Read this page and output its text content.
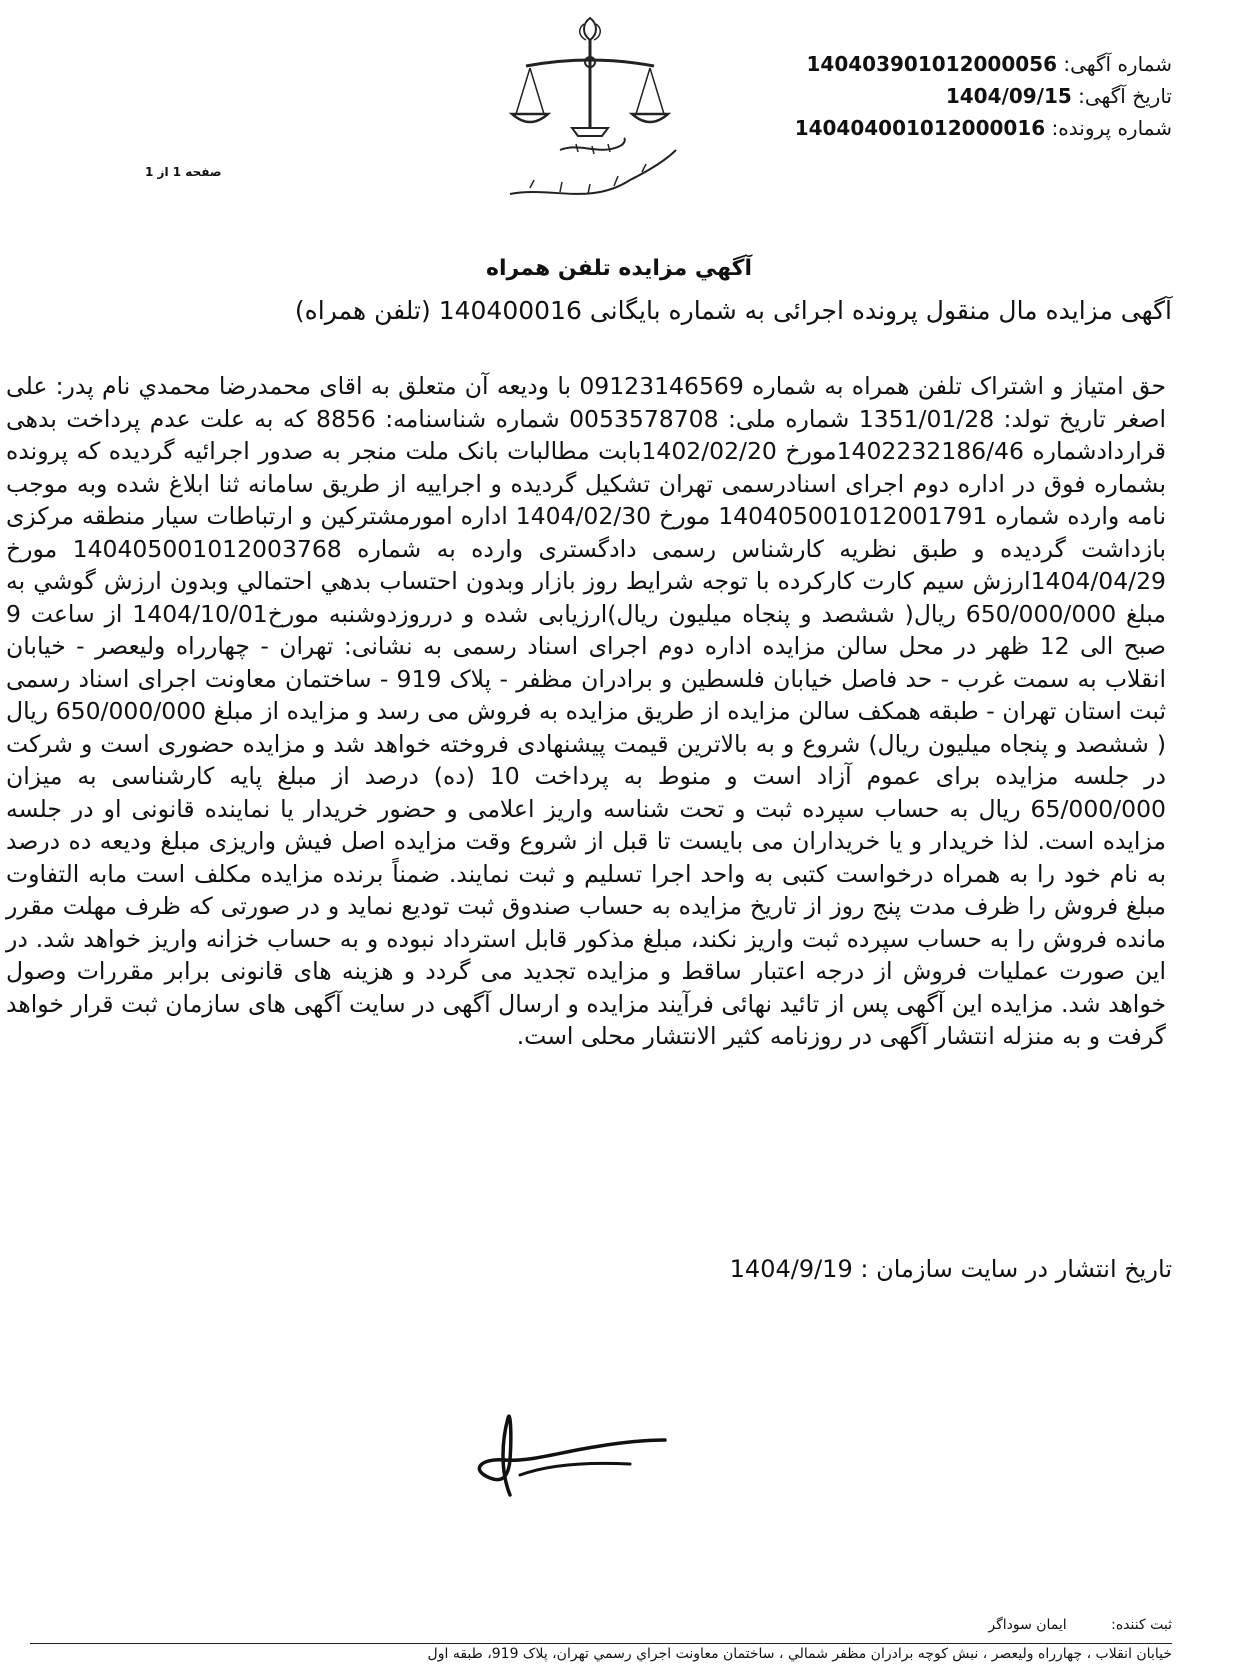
شماره آگهی: 140403901012000056
تاریخ آگهی: 1404/09/15
شماره پرونده: 140404001012000016
صفحه 1 از 1
آگهي مزايده تلفن همراه
آگهی مزایده مال منقول پرونده اجرائی به شماره بایگانی 140400016 (تلفن همراه)
حق امتیاز و اشتراک تلفن همراه به شماره 09123146569 با ودیعه آن متعلق به اقای محمدرضا محمدي نام پدر: علی اصغر تاریخ تولد: 1351/01/28 شماره ملی: 0053578708 شماره شناسنامه: 8856 که به علت عدم پرداخت بدهی قراردادشماره 1402232186/46مورخ 1402/02/20بابت مطالبات بانک ملت منجر به صدور اجرائیه گردیده که پرونده بشماره فوق در اداره دوم اجرای اسنادرسمی تهران تشکیل گردیده و اجراییه از طریق سامانه ثنا ابلاغ شده وبه موجب نامه وارده شماره 140405001012001791 مورخ 1404/02/30 اداره امورمشترکین و ارتباطات سیار منطقه مرکزی بازداشت گردیده و طبق نظریه کارشناس رسمی دادگستری وارده به شماره 140405001012003768 مورخ 1404/04/29ارزش سیم کارت کارکرده با توجه شرایط روز بازار وبدون احتساب بدهي احتمالي وبدون ارزش گوشي به مبلغ 650/000/000 ريال( ششصد و پنجاه ميليون ريال)ارزیابی شده و درروزدوشنبه مورخ1404/10/01 از ساعت 9 صبح الی 12 ظهر در محل سالن مزایده اداره دوم اجرای اسناد رسمی به نشانی: تهران - چهارراه ولیعصر - خیابان انقلاب به سمت غرب - حد فاصل خیابان فلسطین و برادران مظفر - پلاک 919 - ساختمان معاونت اجرای اسناد رسمی ثبت استان تهران - طبقه همکف سالن مزایده از طریق مزایده به فروش می رسد و مزایده از مبلغ 650/000/000 ریال ( ششصد و پنجاه میلیون ریال) شروع و به بالاترین قیمت پیشنهادی فروخته خواهد شد و مزایده حضوری است و شرکت در جلسه مزایده برای عموم آزاد است و منوط به پرداخت 10 (ده) درصد از مبلغ پایه کارشناسی به میزان 65/000/000 ریال به حساب سپرده ثبت و تحت شناسه واریز اعلامی و حضور خریدار یا نماینده قانونی او در جلسه مزایده است. لذا خریدار و یا خریداران می بایست تا قبل از شروع وقت مزایده اصل فیش واریزی مبلغ ودیعه ده درصد به نام خود را به همراه درخواست کتبی به واحد اجرا تسلیم و ثبت نمایند. ضمناً برنده مزایده مکلف است مابه التفاوت مبلغ فروش را ظرف مدت پنج روز از تاریخ مزایده به حساب صندوق ثبت تودیع نماید و در صورتی که ظرف مهلت مقرر مانده فروش را به حساب سپرده ثبت واریز نکند، مبلغ مذکور قابل استرداد نبوده و به حساب خزانه واریز خواهد شد. در این صورت عملیات فروش از درجه اعتبار ساقط و مزایده تجدید می گردد و هزینه های قانونی برابر مقررات وصول خواهد شد. مزایده این آگهی پس از تائید نهائی فرآیند مزایده و ارسال آگهی در سایت آگهی های سازمان ثبت قرار خواهد گرفت و به منزله انتشار آگهی در روزنامه کثیر الانتشار محلی است.
تاریخ انتشار در سایت سازمان : 1404/9/19
ثبت کننده: ایمان سوداگر
خيابان انقلاب ، چهارراه وليعصر ، نبش کوچه برادران مظفر شمالي ، ساختمان معاونت اجراي رسمي تهران، پلاک 919، طبقه اول
